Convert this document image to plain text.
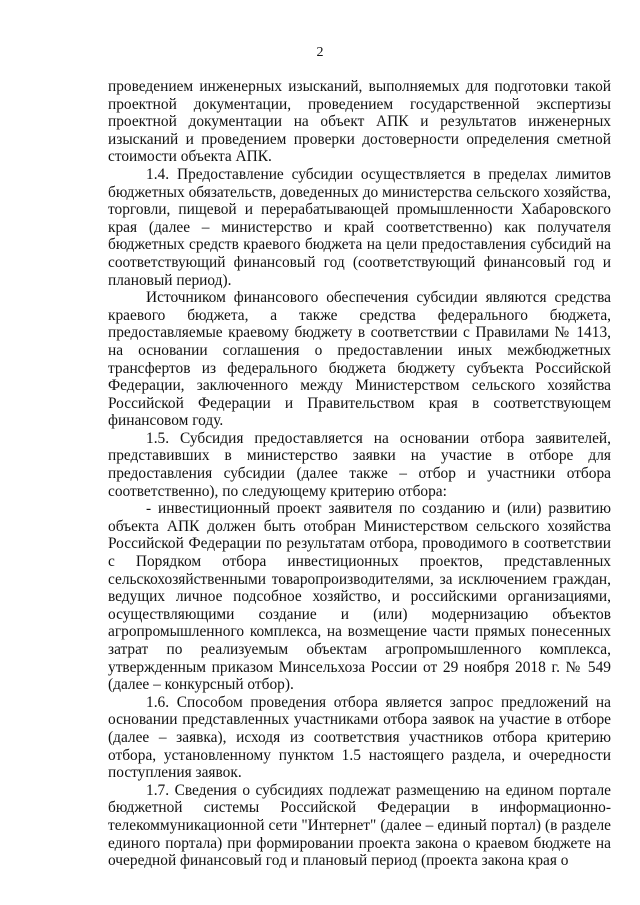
2

проведением инженерных изысканий, выполняемых для подготовки такой проектной документации, проведением государственной экспертизы проектной документации на объект АПК и результатов инженерных изысканий и проведением проверки достоверности определения сметной стоимости объекта АПК.

1.4. Предоставление субсидии осуществляется в пределах лимитов бюджетных обязательств, доведенных до министерства сельского хозяйства, торговли, пищевой и перерабатывающей промышленности Хабаровского края (далее – министерство и край соответственно) как получателя бюджетных средств краевого бюджета на цели предоставления субсидий на соответствующий финансовый год (соответствующий финансовый год и плановый период).

Источником финансового обеспечения субсидии являются средства краевого бюджета, а также средства федерального бюджета, предоставляемые краевому бюджету в соответствии с Правилами № 1413, на основании соглашения о предоставлении иных межбюджетных трансфертов из федерального бюджета бюджету субъекта Российской Федерации, заключенного между Министерством сельского хозяйства Российской Федерации и Правительством края в соответствующем финансовом году.

1.5. Субсидия предоставляется на основании отбора заявителей, представивших в министерство заявки на участие в отборе для предоставления субсидии (далее также – отбор и участники отбора соответственно), по следующему критерию отбора:

- инвестиционный проект заявителя по созданию и (или) развитию объекта АПК должен быть отобран Министерством сельского хозяйства Российской Федерации по результатам отбора, проводимого в соответствии с Порядком отбора инвестиционных проектов, представленных сельскохозяйственными товаропроизводителями, за исключением граждан, ведущих личное подсобное хозяйство, и российскими организациями, осуществляющими создание и (или) модернизацию объектов агропромышленного комплекса, на возмещение части прямых понесенных затрат по реализуемым объектам агропромышленного комплекса, утвержденным приказом Минсельхоза России от 29 ноября 2018 г. № 549 (далее – конкурсный отбор).

1.6. Способом проведения отбора является запрос предложений на основании представленных участниками отбора заявок на участие в отборе (далее – заявка), исходя из соответствия участников отбора критерию отбора, установленному пунктом 1.5 настоящего раздела, и очередности поступления заявок.

1.7. Сведения о субсидиях подлежат размещению на едином портале бюджетной системы Российской Федерации в информационно-телекоммуникационной сети "Интернет" (далее – единый портал) (в разделе единого портала) при формировании проекта закона о краевом бюджете на очередной финансовый год и плановый период (проекта закона края о
